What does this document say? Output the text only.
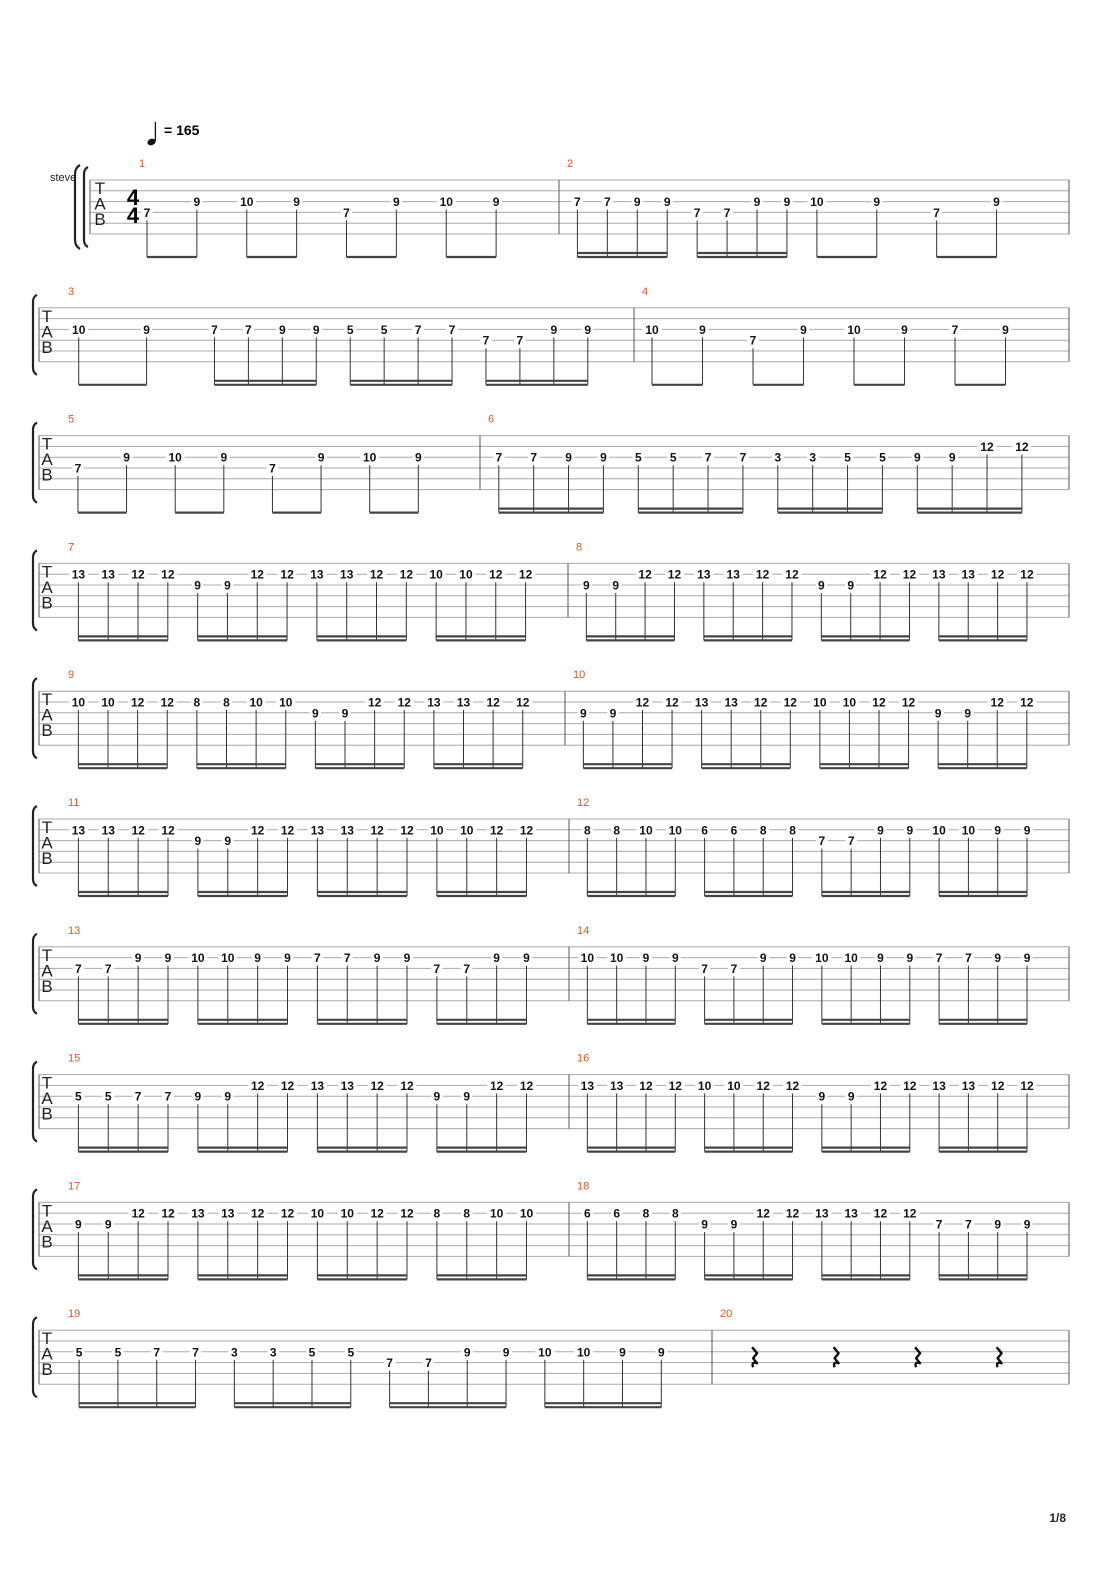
= 165
steve
T
A
B
4
4
1
7
9	10	9
7
9	10	9
2
7 7 9 9
7 7
9 9 10	9
7
9
T
A
B
3
10	9	7 7 9 9 5 5 7 7
7 7
9 9
4
10	9
7
9	10	9	7	9
T
A
B
5
7
9	10	9
7
9	10	9
6
7 7 9 9 5 5 7 7 3 3 5 5 9 9
12 12
T
A
B
7
13 13 12 12
9 9
12 12 13 13 12 12 10 10 12 12
8
9 9
12 12 13 13 12 12
9 9
12 12 13 13 12 12
T
A
B
9
10 10 12 12 8 8 10 10
9 9
12 12 13 13 12 12
10
9 9
12 12 13 13 12 12 10 10 12 12
9 9
12 12
T
A
B
11
13 13 12 12
9 9
12 12 13 13 12 12 10 10 12 12
12
8 8 10 10 6 6 8 8
7 7
9 9 10 10 9 9
T
A
B
13
7 7
9 9 10 10 9 9 7 7 9 9
7 7
9 9
14
10 10 9 9
7 7
9 9 10 10 9 9 7 7 9 9
T
A
B
15
5 5 7 7 9 9
12 12 13 13 12 12
9 9
12 12
16
13 13 12 12 10 10 12 12
9 9
12 12 13 13 12 12
T
A
B
17
9 9
12 12 13 13 12 12 10 10 12 12 8 8 10 10
18
6 6 8 8
9 9
12 12 13 13 12 12
7 7 9 9
T
A
B
19
5	5	7	7	3	3	5	5
7	7
9	9 10 10 9	9
20
1/8
